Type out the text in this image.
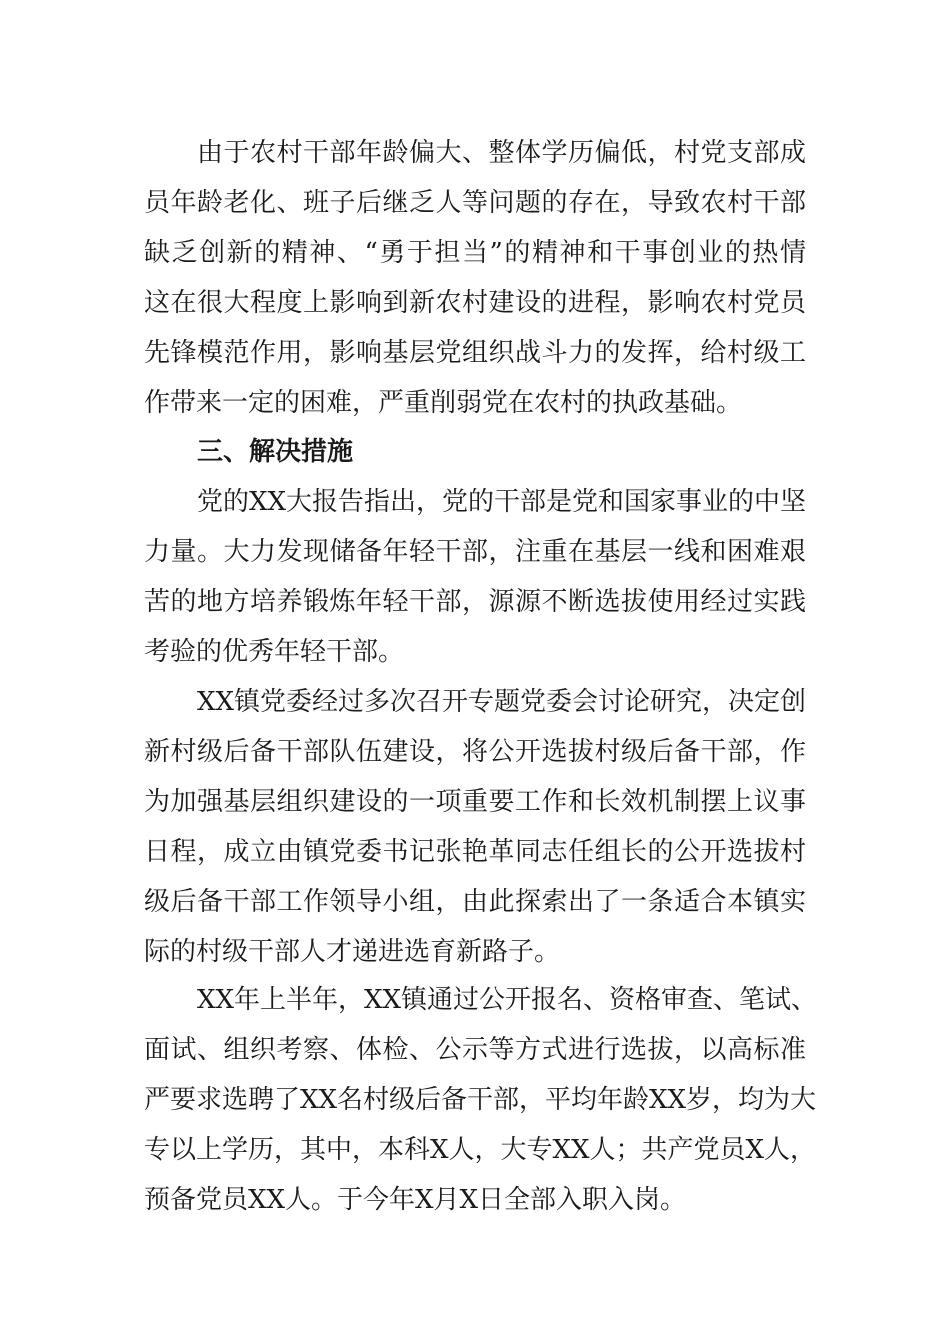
由于农村干部年龄偏大、整体学历偏低，村党支部成
员年龄老化、班子后继乏人等问题的存在，导致农村干部
缺乏创新的精神、“勇于担当”的精神和干事创业的热情
这在很大程度上影响到新农村建设的进程，影响农村党员
先锋模范作用，影响基层党组织战斗力的发挥，给村级工
作带来一定的困难，严重削弱党在农村的执政基础。
三、解决措施
党的XX大报告指出，党的干部是党和国家事业的中坚
力量。大力发现储备年轻干部，注重在基层一线和困难艰
苦的地方培养锻炼年轻干部，源源不断选拔使用经过实践
考验的优秀年轻干部。
XX镇党委经过多次召开专题党委会讨论研究，决定创
新村级后备干部队伍建设，将公开选拔村级后备干部，作
为加强基层组织建设的一项重要工作和长效机制摆上议事
日程，成立由镇党委书记张艳革同志任组长的公开选拔村
级后备干部工作领导小组，由此探索出了一条适合本镇实
际的村级干部人才递进选育新路子。
XX年上半年，XX镇通过公开报名、资格审查、笔试、
面试、组织考察、体检、公示等方式进行选拔，以高标准
严要求选聘了XX名村级后备干部，平均年龄XX岁，均为大
专以上学历，其中，本科X人，大专XX人；共产党员X人，
预备党员XX人。于今年X月X日全部入职入岗。
